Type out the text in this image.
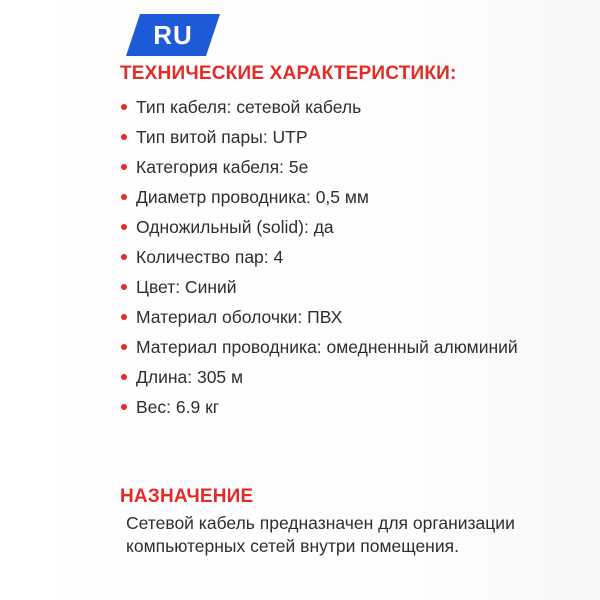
RU
ТЕХНИЧЕСКИЕ ХАРАКТЕРИСТИКИ:
Тип кабеля: сетевой кабель
Тип витой пары: UTP
Категория кабеля: 5e
Диаметр проводника: 0,5 мм
Одножильный (solid): да
Количество пар: 4
Цвет: Синий
Материал оболочки: ПВХ
Материал проводника: омедненный алюминий
Длина: 305 м
Вес: 6.9 кг
НАЗНАЧЕНИЕ
Сетевой кабель предназначен для организации компьютерных сетей внутри помещения.
